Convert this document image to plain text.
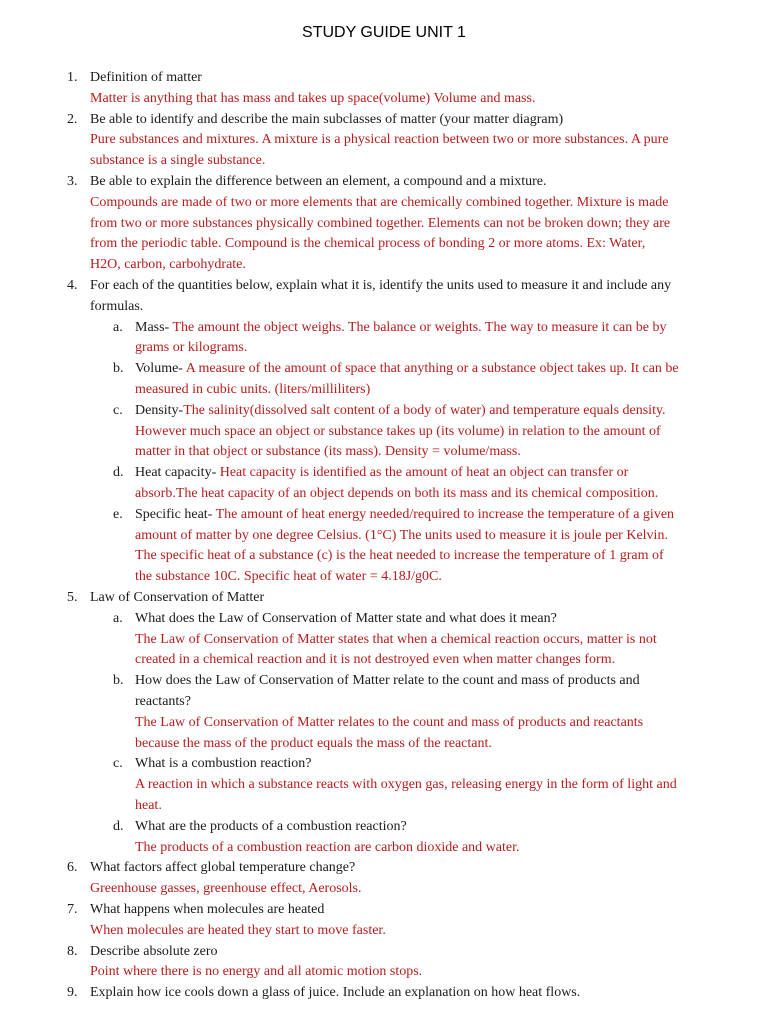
STUDY GUIDE UNIT 1
1. Definition of matter
Matter is anything that has mass and takes up space(volume) Volume and mass.
2. Be able to identify and describe the main subclasses of matter (your matter diagram)
Pure substances and mixtures. A mixture is a physical reaction between two or more substances. A pure
substance is a single substance.
3. Be able to explain the difference between an element, a compound and a mixture.
Compounds are made of two or more elements that are chemically combined together. Mixture is made
from two or more substances physically combined together. Elements can not be broken down; they are
from the periodic table. Compound is the chemical process of bonding 2 or more atoms. Ex: Water,
H2O, carbon, carbohydrate.
4. For each of the quantities below, explain what it is, identify the units used to measure it and include any
formulas.
a. Mass- The amount the object weighs. The balance or weights. The way to measure it can be by
grams or kilograms.
b. Volume- A measure of the amount of space that anything or a substance object takes up. It can be
measured in cubic units. (liters/milliliters)
c. Density-The salinity(dissolved salt content of a body of water) and temperature equals density.
However much space an object or substance takes up (its volume) in relation to the amount of
matter in that object or substance (its mass). Density = volume/mass.
d. Heat capacity- Heat capacity is identified as the amount of heat an object can transfer or
absorb.The heat capacity of an object depends on both its mass and its chemical composition.
e. Specific heat- The amount of heat energy needed/required to increase the temperature of a given
amount of matter by one degree Celsius. (1°C) The units used to measure it is joule per Kelvin.
The specific heat of a substance (c) is the heat needed to increase the temperature of 1 gram of
the substance 10C. Specific heat of water = 4.18J/g0C.
5. Law of Conservation of Matter
a. What does the Law of Conservation of Matter state and what does it mean?
The Law of Conservation of Matter states that when a chemical reaction occurs, matter is not
created in a chemical reaction and it is not destroyed even when matter changes form.
b. How does the Law of Conservation of Matter relate to the count and mass of products and
reactants?
The Law of Conservation of Matter relates to the count and mass of products and reactants
because the mass of the product equals the mass of the reactant.
c. What is a combustion reaction?
A reaction in which a substance reacts with oxygen gas, releasing energy in the form of light and
heat.
d. What are the products of a combustion reaction?
The products of a combustion reaction are carbon dioxide and water.
6. What factors affect global temperature change?
Greenhouse gasses, greenhouse effect, Aerosols.
7. What happens when molecules are heated
When molecules are heated they start to move faster.
8. Describe absolute zero
Point where there is no energy and all atomic motion stops.
9. Explain how ice cools down a glass of juice. Include an explanation on how heat flows.
